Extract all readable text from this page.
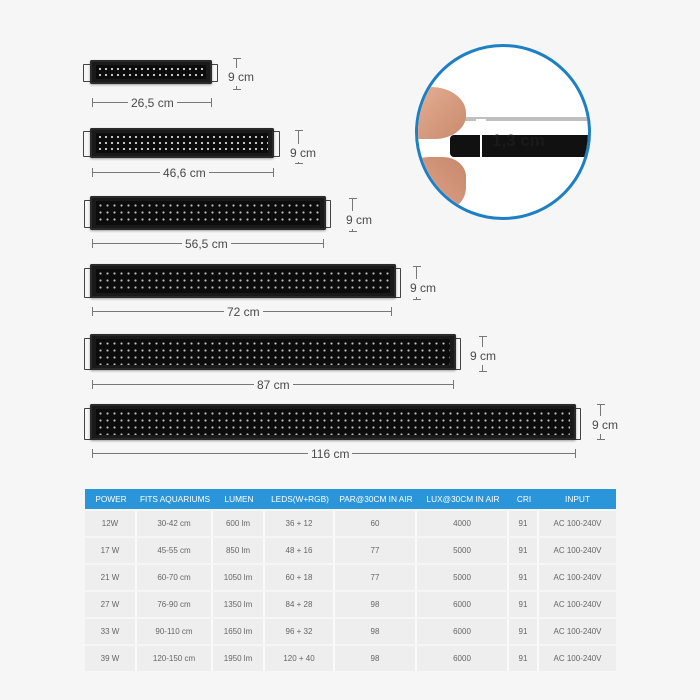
26,5 cm
9 cm
46,6 cm
9 cm
56,5 cm
9 cm
72 cm
9 cm
87 cm
9 cm
116 cm
9 cm
1,3 cm
POWER	FITS AQUARIUMS	LUMEN	LEDS(W+RGB)	PAR@30CM IN AIR	LUX@30CM IN AIR	CRI	INPUT
12W	30-42 cm	600 lm	36 + 12	60	4000	91	AC 100-240V
17 W	45-55 cm	850 lm	48 + 16	77	5000	91	AC 100-240V
21 W	60-70 cm	1050 lm	60 + 18	77	5000	91	AC 100-240V
27 W	76-90 cm	1350 lm	84 + 28	98	6000	91	AC 100-240V
33 W	90-110 cm	1650 lm	96 + 32	98	6000	91	AC 100-240V
39 W	120-150 cm	1950 lm	120 + 40	98	6000	91	AC 100-240V
